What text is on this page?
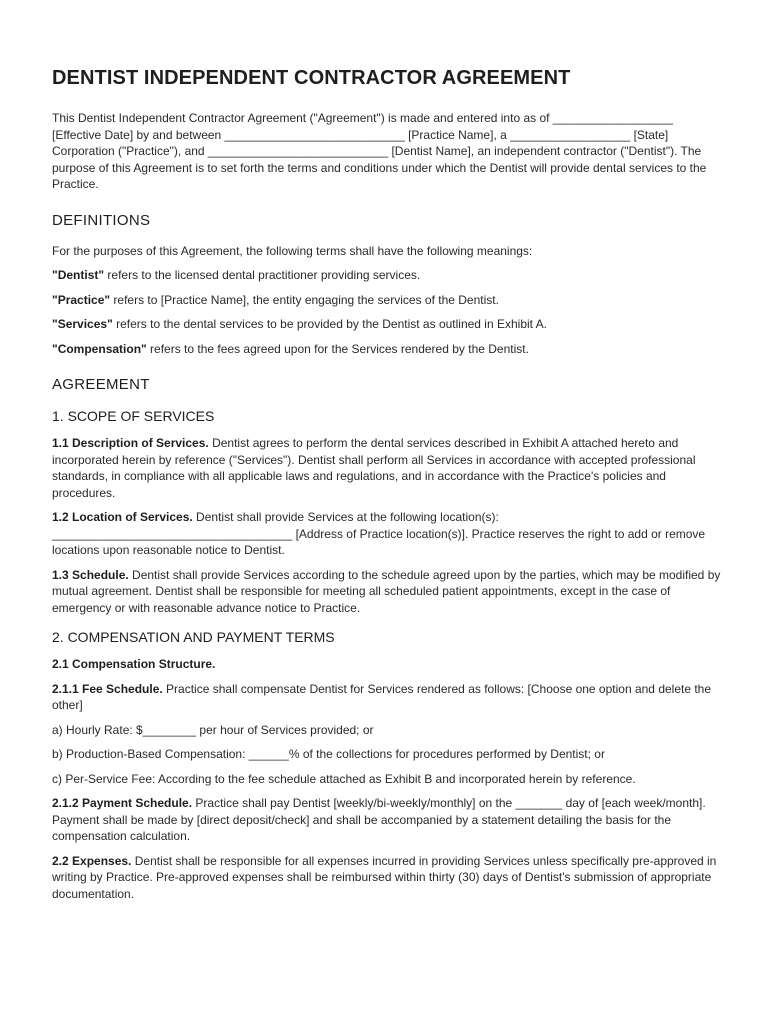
DENTIST INDEPENDENT CONTRACTOR AGREEMENT

This Dentist Independent Contractor Agreement ("Agreement") is made and entered into as of __________________ [Effective Date] by and between ___________________________ [Practice Name], a __________________ [State] Corporation ("Practice"), and ___________________________ [Dentist Name], an independent contractor ("Dentist"). The purpose of this Agreement is to set forth the terms and conditions under which the Dentist will provide dental services to the Practice.

DEFINITIONS

For the purposes of this Agreement, the following terms shall have the following meanings:

"Dentist" refers to the licensed dental practitioner providing services.

"Practice" refers to [Practice Name], the entity engaging the services of the Dentist.

"Services" refers to the dental services to be provided by the Dentist as outlined in Exhibit A.

"Compensation" refers to the fees agreed upon for the Services rendered by the Dentist.

AGREEMENT
1. SCOPE OF SERVICES

1.1 Description of Services. Dentist agrees to perform the dental services described in Exhibit A attached hereto and incorporated herein by reference ("Services"). Dentist shall perform all Services in accordance with accepted professional standards, in compliance with all applicable laws and regulations, and in accordance with the Practice's policies and procedures.

1.2 Location of Services. Dentist shall provide Services at the following location(s): ____________________________________ [Address of Practice location(s)]. Practice reserves the right to add or remove locations upon reasonable notice to Dentist.

1.3 Schedule. Dentist shall provide Services according to the schedule agreed upon by the parties, which may be modified by mutual agreement. Dentist shall be responsible for meeting all scheduled patient appointments, except in the case of emergency or with reasonable advance notice to Practice.

2. COMPENSATION AND PAYMENT TERMS

2.1 Compensation Structure.

2.1.1 Fee Schedule. Practice shall compensate Dentist for Services rendered as follows: [Choose one option and delete the other]

a) Hourly Rate: $________ per hour of Services provided; or

b) Production-Based Compensation: ______% of the collections for procedures performed by Dentist; or

c) Per-Service Fee: According to the fee schedule attached as Exhibit B and incorporated herein by reference.

2.1.2 Payment Schedule. Practice shall pay Dentist [weekly/bi-weekly/monthly] on the _______ day of [each week/month]. Payment shall be made by [direct deposit/check] and shall be accompanied by a statement detailing the basis for the compensation calculation.

2.2 Expenses. Dentist shall be responsible for all expenses incurred in providing Services unless specifically pre-approved in writing by Practice. Pre-approved expenses shall be reimbursed within thirty (30) days of Dentist's submission of appropriate documentation.
